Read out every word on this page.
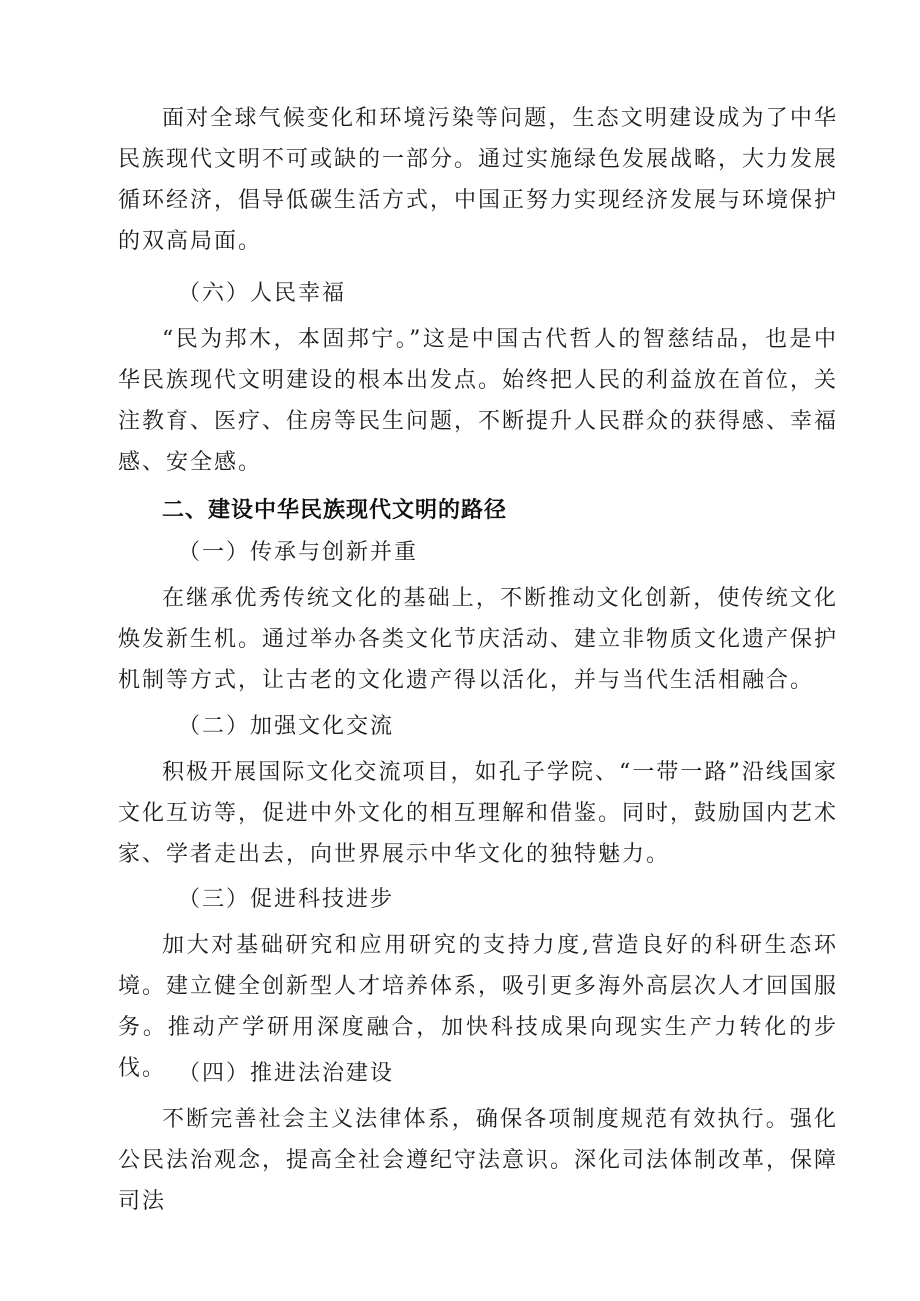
面对全球气候变化和环境污染等问题，生态文明建设成为了中华民族现代文明不可或缺的一部分。通过实施绿色发展战略，大力发展循环经济，倡导低碳生活方式，中国正努力实现经济发展与环境保护的双高局面。

（六）人民幸福

“民为邦木，本固邦宁。”这是中国古代哲人的智慈结品，也是中华民族现代文明建设的根本出发点。始终把人民的利益放在首位，关注教育、医疗、住房等民生问题，不断提升人民群众的获得感、幸福感、安全感。

二、建设中华民族现代文明的路径

（一）传承与创新并重

在继承优秀传统文化的基础上，不断推动文化创新，使传统文化焕发新生机。通过举办各类文化节庆活动、建立非物质文化遗产保护机制等方式，让古老的文化遗产得以活化，并与当代生活相融合。

（二）加强文化交流

积极开展国际文化交流项目，如孔子学院、“一带一路”沿线国家文化互访等，促进中外文化的相互理解和借鉴。同时，鼓励国内艺术家、学者走出去，向世界展示中华文化的独特魅力。

（三）促进科技进步

加大对基础研究和应用研究的支持力度,营造良好的科研生态环境。建立健全创新型人才培养体系，吸引更多海外高层次人才回国服务。推动产学研用深度融合，加快科技成果向现实生产力转化的步伐。 （四）推进法治建设

不断完善社会主义法律体系，确保各项制度规范有效执行。强化公民法治观念，提高全社会遵纪守法意识。深化司法体制改革，保障司法
